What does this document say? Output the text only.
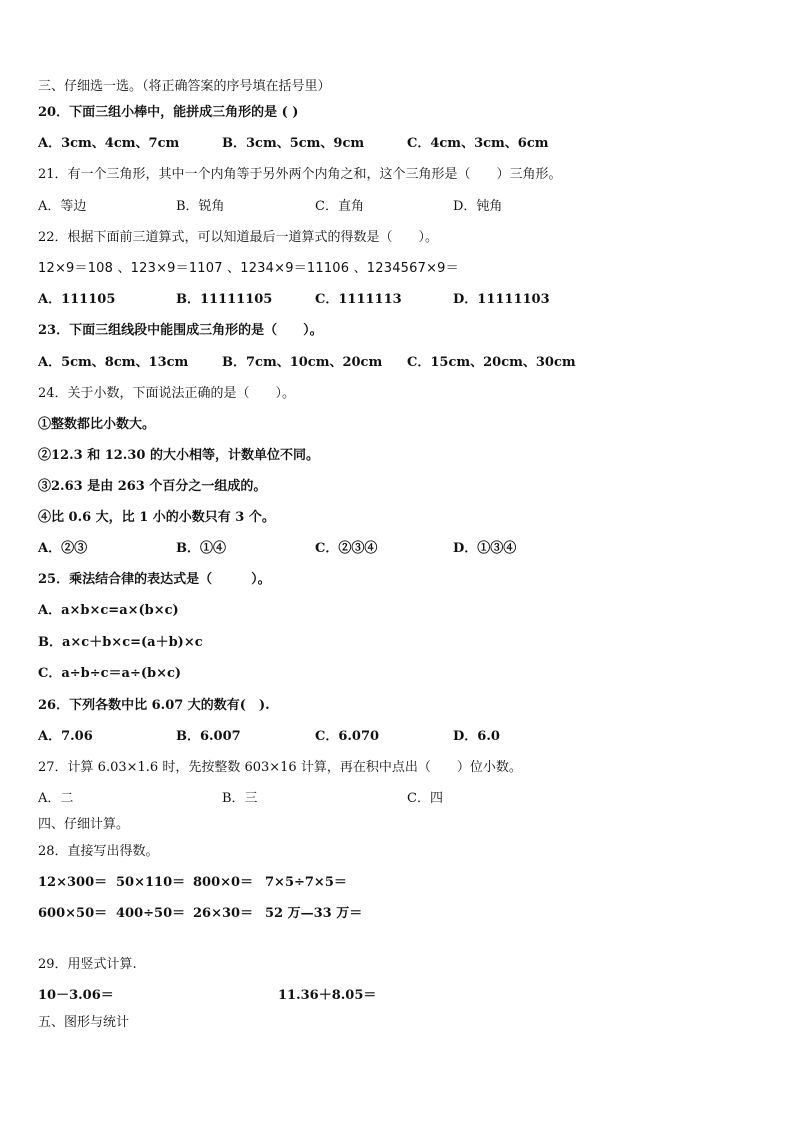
三、仔细选一选。（将正确答案的序号填在括号里）
20．下面三组小棒中，能拼成三角形的是 ( )
A．3cm、4cm、7cm	B．3cm、5cm、9cm	C．4cm、3cm、6cm
21．有一个三角形，其中一个内角等于另外两个内角之和，这个三角形是（　　）三角形。
A．等边	B．锐角	C．直角	D．钝角
22．根据下面前三道算式，可以知道最后一道算式的得数是（　　）。
12×9＝108 、123×9＝1107 、1234×9＝11106 、1234567×9＝
A．111105	B．11111105	C．1111113	D．11111103
23．下面三组线段中能围成三角形的是（　　）。
A．5cm、8cm、13cm	B．7cm、10cm、20cm C．15cm、20cm、30cm
24．关于小数，下面说法正确的是（　　）。
①整数都比小数大。
②12.3 和 12.30 的大小相等，计数单位不同。
③2.63 是由 263 个百分之一组成的。
④比 0.6 大，比 1 小的小数只有 3 个。
A．②③	B．①④	C．②③④	D．①③④
25．乘法结合律的表达式是（　　　）。
A．a×b×c=a×(b×c)
B．a×c＋b×c=(a＋b)×c
C．a÷b÷c＝a÷(b×c)
26．下列各数中比 6.07 大的数有(　).
A．7.06	B．6.007	C．6.070	D．6.0
27．计算 6.03×1.6 时，先按整数 603×16 计算，再在积中点出（　　）位小数。
A．二	B．三	C．四
四、仔细计算。
28．直接写出得数。
12×300＝ 50×110＝ 800×0＝ 7×5÷7×5＝
600×50＝ 400÷50＝ 26×30＝ 52 万—33 万＝
29．用竖式计算.
10－3.06＝	11.36＋8.05＝
五、图形与统计
